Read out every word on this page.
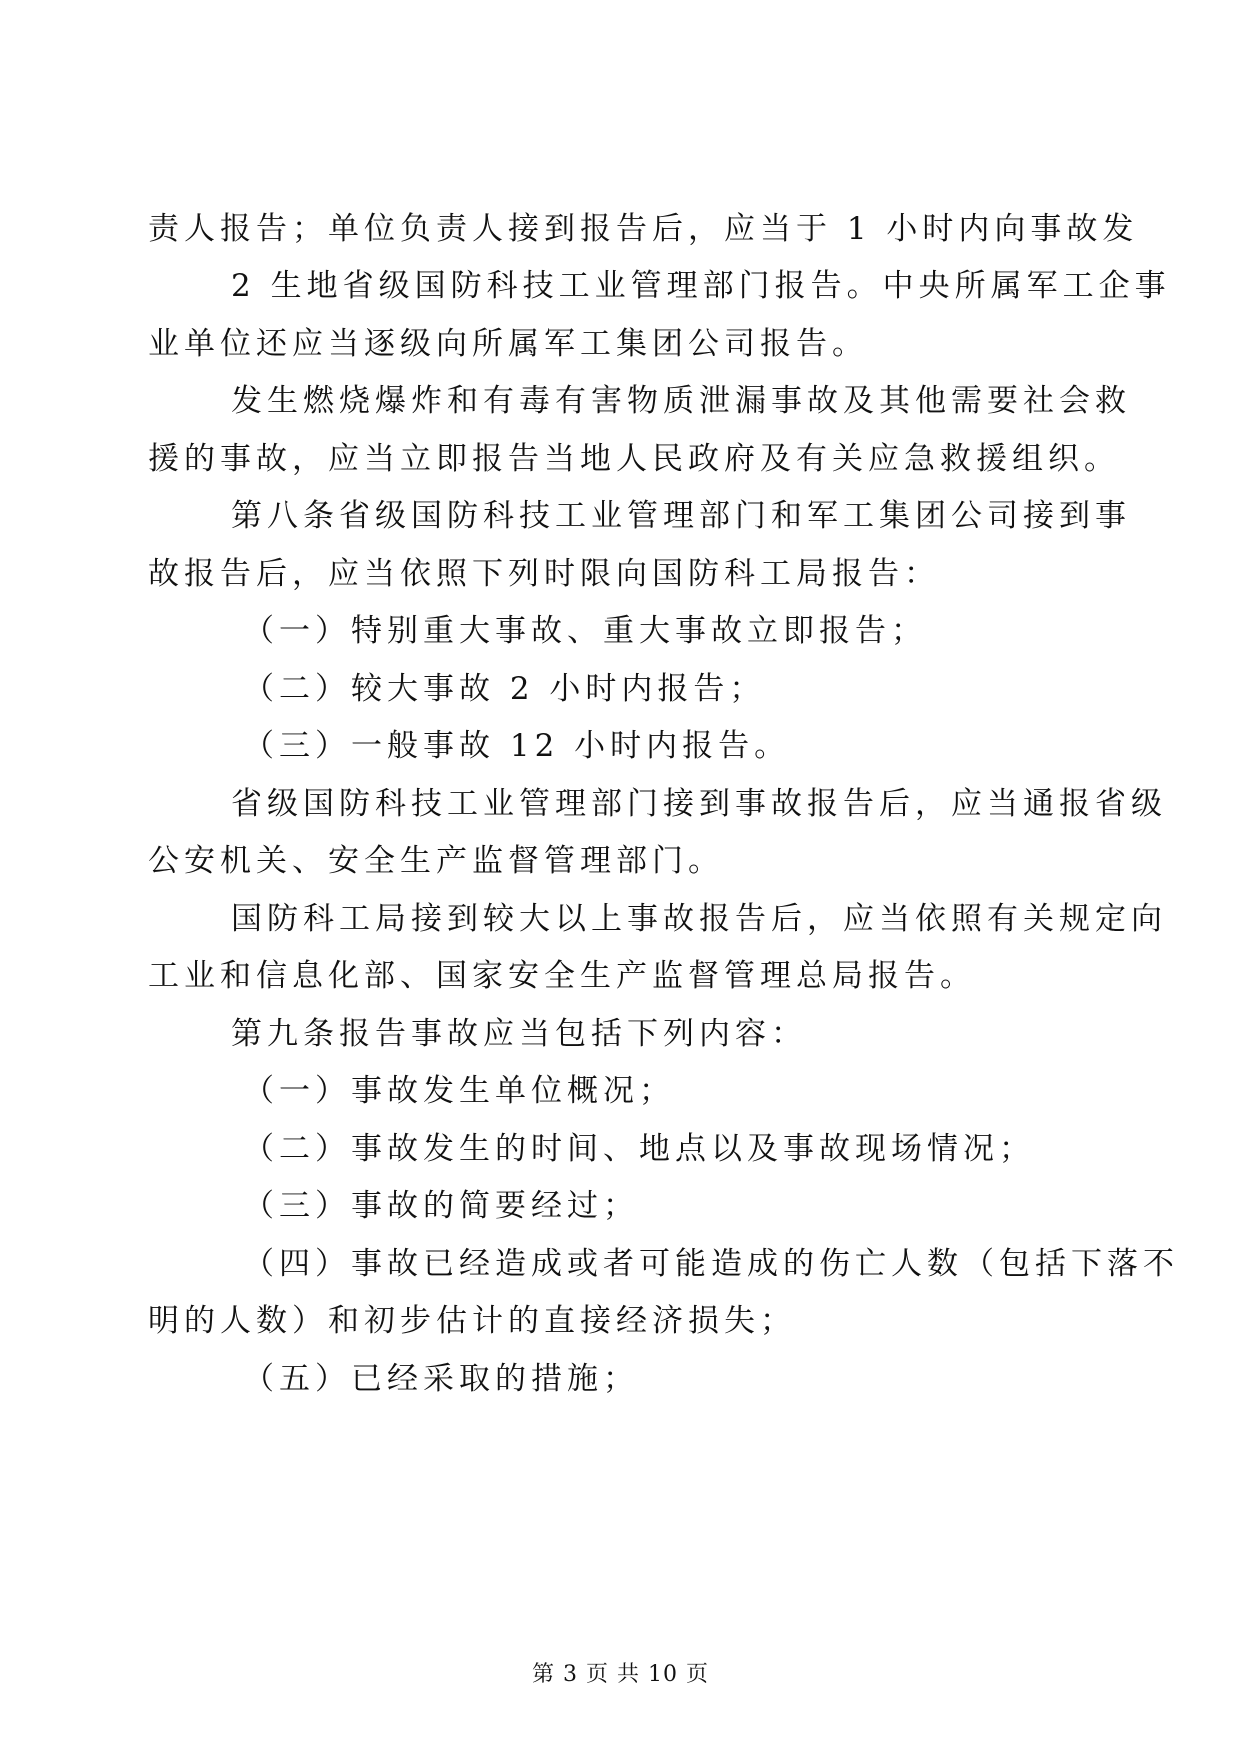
责人报告；单位负责人接到报告后，应当于 1 小时内向事故发
2 生地省级国防科技工业管理部门报告。中央所属军工企事
业单位还应当逐级向所属军工集团公司报告。
发生燃烧爆炸和有毒有害物质泄漏事故及其他需要社会救
援的事故，应当立即报告当地人民政府及有关应急救援组织。
第八条省级国防科技工业管理部门和军工集团公司接到事
故报告后，应当依照下列时限向国防科工局报告：
（一）特别重大事故、重大事故立即报告；
（二）较大事故 2 小时内报告；
（三）一般事故 12 小时内报告。
省级国防科技工业管理部门接到事故报告后，应当通报省级
公安机关、安全生产监督管理部门。
国防科工局接到较大以上事故报告后，应当依照有关规定向
工业和信息化部、国家安全生产监督管理总局报告。
第九条报告事故应当包括下列内容：
（一）事故发生单位概况；
（二）事故发生的时间、地点以及事故现场情况；
（三）事故的简要经过；
（四）事故已经造成或者可能造成的伤亡人数（包括下落不
明的人数）和初步估计的直接经济损失；
（五）已经采取的措施；
第 3 页 共 10 页
